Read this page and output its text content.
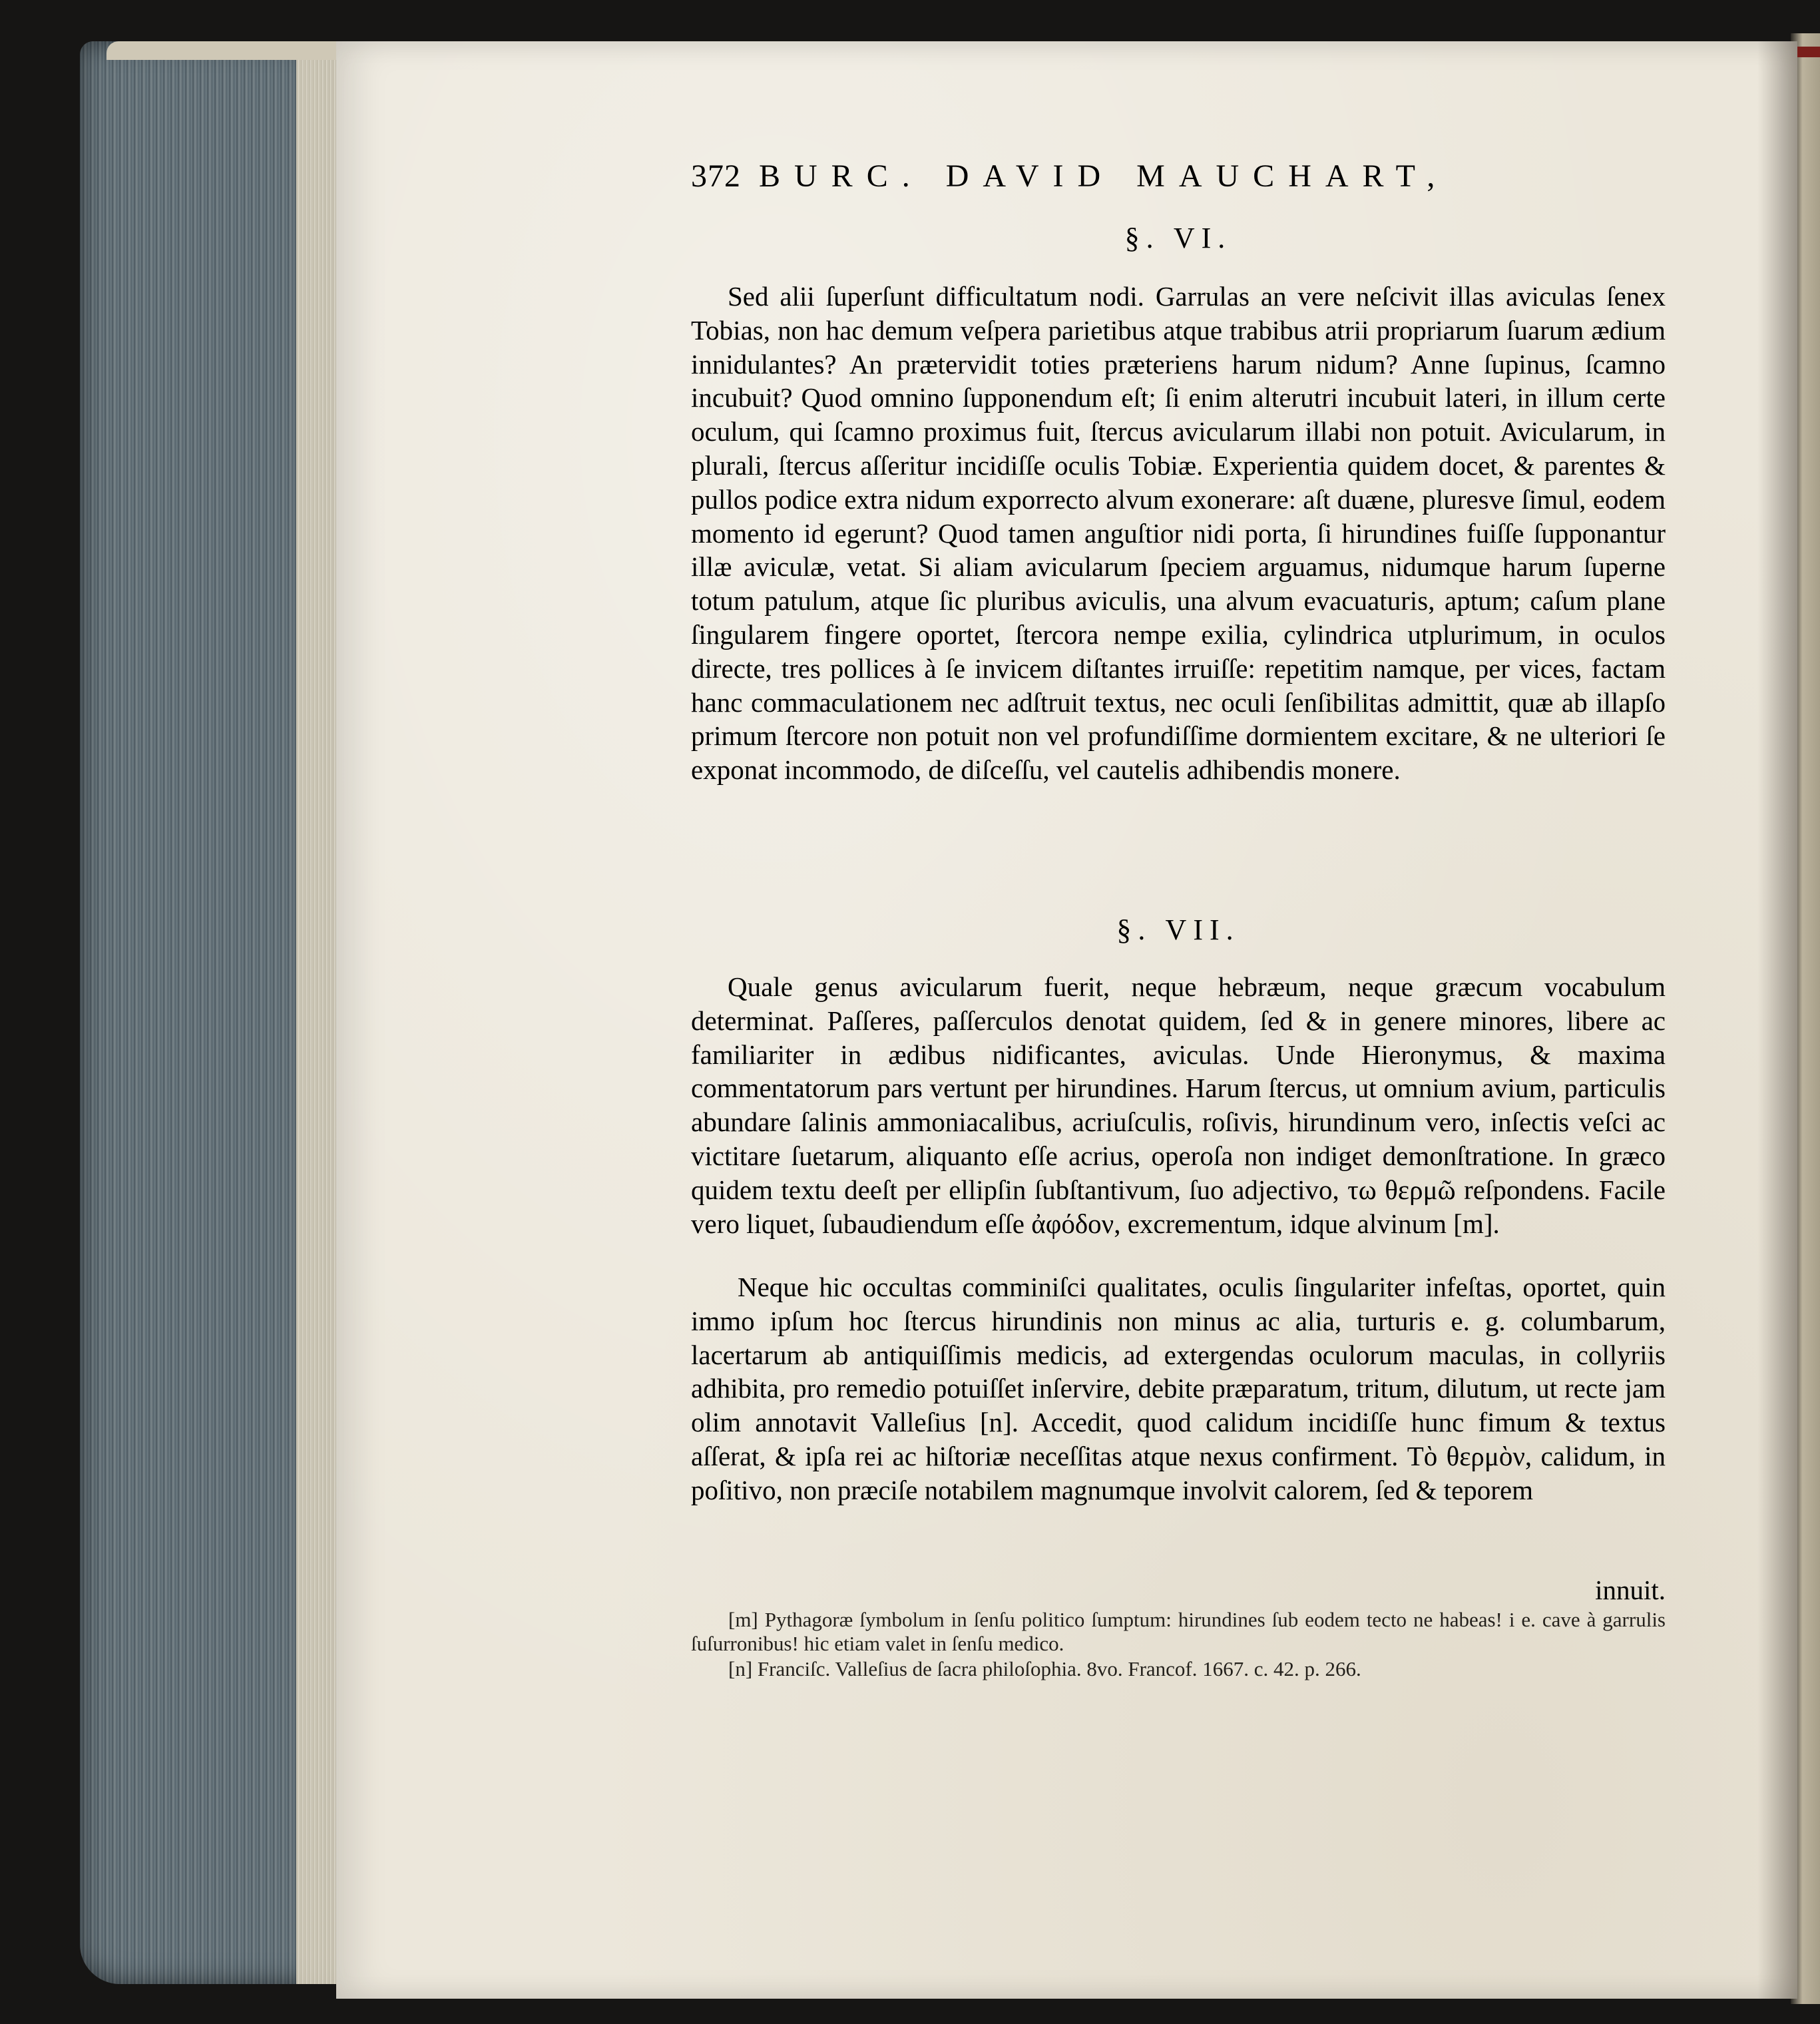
372 BURC. DAVID MAUCHART,
§. VI.
Sed alii ſuperſunt difficultatum nodi. Garrulas an vere neſcivit illas aviculas ſenex Tobias, non hac demum veſpera parietibus atque trabibus atrii propriarum ſuarum ædium innidulantes? An prætervidit toties præteriens harum nidum? Anne ſupinus, ſcamno incubuit? Quod omnino ſupponendum eſt; ſi enim alterutri incubuit lateri, in illum certe oculum, qui ſcamno proximus fuit, ſtercus avicularum illabi non potuit. Avicularum, in plurali, ſtercus aſſeritur incidiſſe oculis Tobiæ. Experientia quidem docet, & parentes & pullos podice extra nidum exporrecto alvum exonerare: aſt duæne, pluresve ſimul, eodem momento id egerunt? Quod tamen anguſtior nidi porta, ſi hirundines fuiſſe ſupponantur illæ aviculæ, vetat. Si aliam avicularum ſpeciem arguamus, nidumque harum ſuperne totum patulum, atque ſic pluribus aviculis, una alvum evacuaturis, aptum; caſum plane ſingularem fingere oportet, ſtercora nempe exilia, cylindrica utplurimum, in oculos directe, tres pollices à ſe invicem diſtantes irruiſſe: repetitim namque, per vices, factam hanc commaculationem nec adſtruit textus, nec oculi ſenſibilitas admittit, quæ ab illapſo primum ſtercore non potuit non vel profundiſſime dormientem excitare, & ne ulteriori ſe exponat incommodo, de diſceſſu, vel cautelis adhibendis monere.
§. VII.
Quale genus avicularum fuerit, neque hebræum, neque græcum vocabulum determinat. Paſſeres, paſſerculos denotat quidem, ſed & in genere minores, libere ac familiariter in ædibus nidificantes, aviculas. Unde Hieronymus, & maxima commentatorum pars vertunt per hirundines. Harum ſtercus, ut omnium avium, particulis abundare ſalinis ammoniacalibus, acriuſculis, roſivis, hirundinum vero, inſectis veſci ac victitare ſuetarum, aliquanto eſſe acrius, operoſa non indiget demonſtratione. In græco quidem textu deeſt per ellipſin ſubſtantivum, ſuo adjectivo, τω θερμῶ reſpondens. Facile vero liquet, ſubaudiendum eſſe ἀφόδον, excrementum, idque alvinum [m].
Neque hic occultas comminiſci qualitates, oculis ſingulariter infeſtas, oportet, quin immo ipſum hoc ſtercus hirundinis non minus ac alia, turturis e. g. columbarum, lacertarum ab antiquiſſimis medicis, ad extergendas oculorum maculas, in collyriis adhibita, pro remedio potuiſſet inſervire, debite præparatum, tritum, dilutum, ut recte jam olim annotavit Valleſius [n]. Accedit, quod calidum incidiſſe hunc fimum & textus aſſerat, & ipſa rei ac hiſtoriæ neceſſitas atque nexus confirment. Τὸ θερμὸν, calidum, in poſitivo, non præciſe notabilem magnumque involvit calorem, ſed & teporem
innuit.
[m] Pythagoræ ſymbolum in ſenſu politico ſumptum: hirundines ſub eodem tecto ne habeas! i e. cave à garrulis ſuſurronibus! hic etiam valet in ſenſu medico.
[n] Franciſc. Valleſius de ſacra philoſophia. 8vo. Francof. 1667. c. 42. p. 266.
